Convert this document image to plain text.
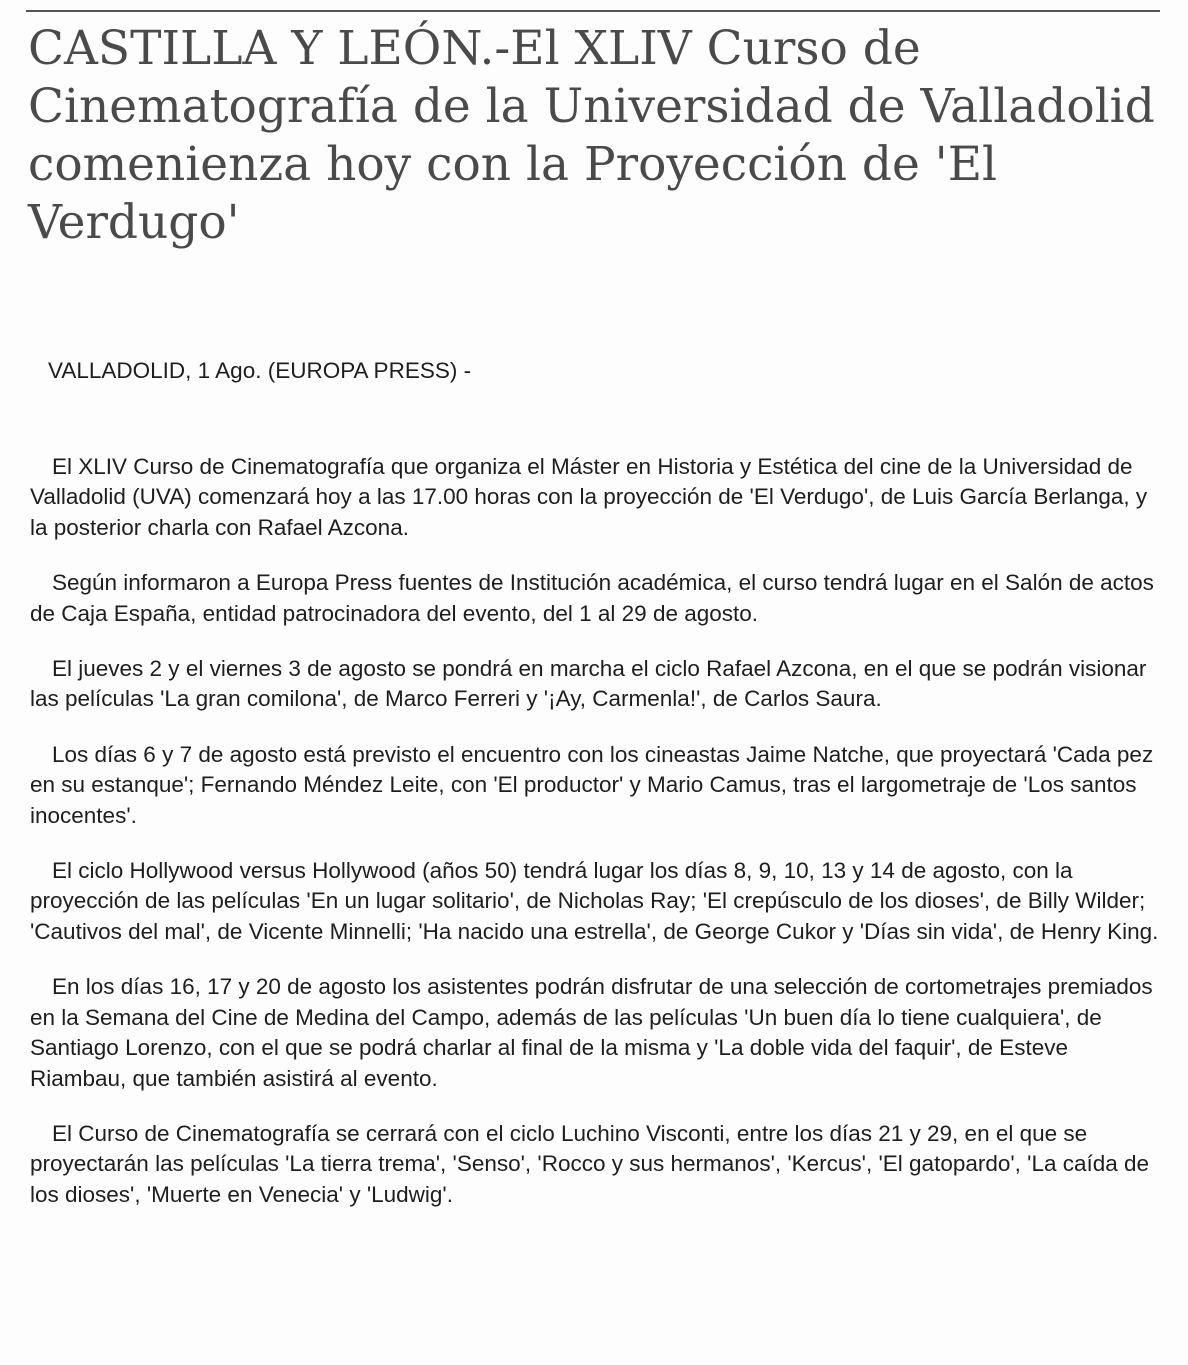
CASTILLA Y LEÓN.-El XLIV Curso de Cinematografía de la Universidad de Valladolid comenienza hoy con la Proyección de 'El Verdugo'

VALLADOLID, 1 Ago. (EUROPA PRESS) -

El XLIV Curso de Cinematografía que organiza el Máster en Historia y Estética del cine de la Universidad de Valladolid (UVA) comenzará hoy a las 17.00 horas con la proyección de 'El Verdugo', de Luis García Berlanga, y la posterior charla con Rafael Azcona.

Según informaron a Europa Press fuentes de Institución académica, el curso tendrá lugar en el Salón de actos de Caja España, entidad patrocinadora del evento, del 1 al 29 de agosto.

El jueves 2 y el viernes 3 de agosto se pondrá en marcha el ciclo Rafael Azcona, en el que se podrán visionar las películas 'La gran comilona', de Marco Ferreri y '¡Ay, Carmenla!', de Carlos Saura.

Los días 6 y 7 de agosto está previsto el encuentro con los cineastas Jaime Natche, que proyectará 'Cada pez en su estanque'; Fernando Méndez Leite, con 'El productor' y Mario Camus, tras el largometraje de 'Los santos inocentes'.

El ciclo Hollywood versus Hollywood (años 50) tendrá lugar los días 8, 9, 10, 13 y 14 de agosto, con la proyección de las películas 'En un lugar solitario', de Nicholas Ray; 'El crepúsculo de los dioses', de Billy Wilder; 'Cautivos del mal', de Vicente Minnelli; 'Ha nacido una estrella', de George Cukor y 'Días sin vida', de Henry King.

En los días 16, 17 y 20 de agosto los asistentes podrán disfrutar de una selección de cortometrajes premiados en la Semana del Cine de Medina del Campo, además de las películas 'Un buen día lo tiene cualquiera', de Santiago Lorenzo, con el que se podrá charlar al final de la misma y 'La doble vida del faquir', de Esteve Riambau, que también asistirá al evento.

El Curso de Cinematografía se cerrará con el ciclo Luchino Visconti, entre los días 21 y 29, en el que se proyectarán las películas 'La tierra trema', 'Senso', 'Rocco y sus hermanos', 'Kercus', 'El gatopardo', 'La caída de los dioses', 'Muerte en Venecia' y 'Ludwig'.
